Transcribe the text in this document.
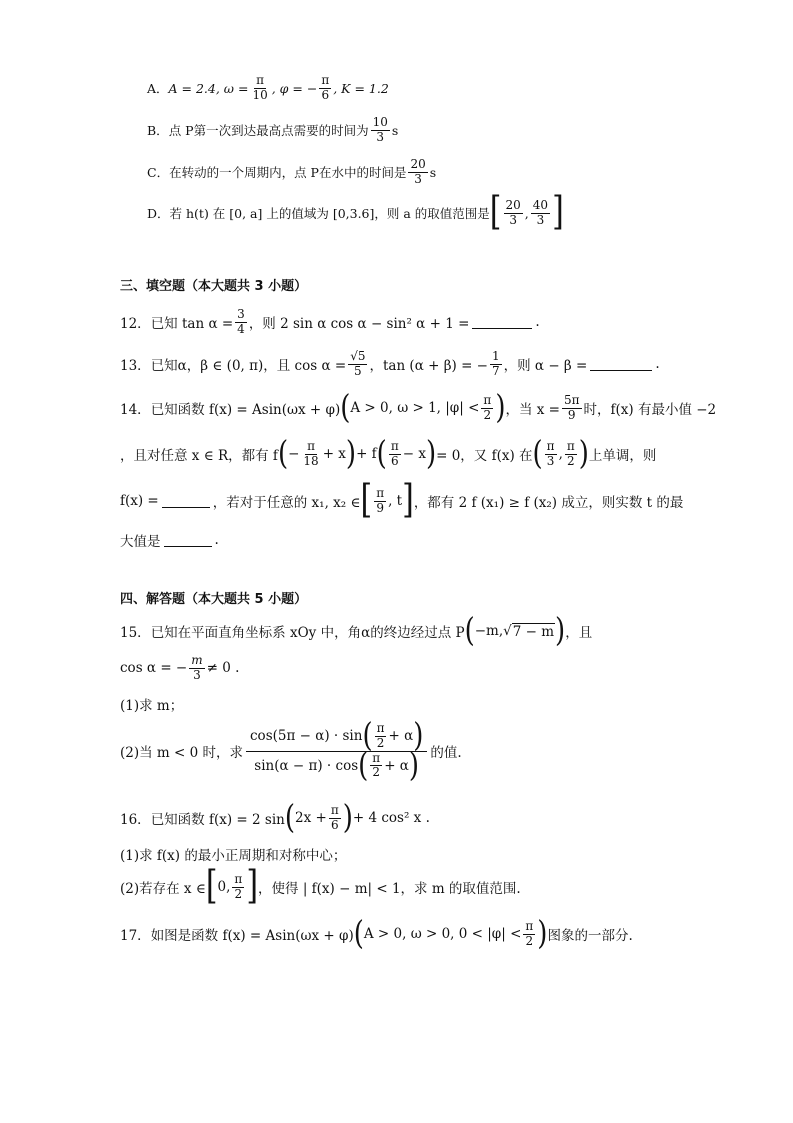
A． A = 2.4, $\omega = \frac{\pi}{10}$ , φ = − $\frac{\pi}{6}$ , K = 1.2
B． 点 P第一次到达最高点需要的时间为 $\frac{10}{3}$ s
C． 在转动的一个周期内，点 P在水中的时间是 $\frac{20}{3}$ s
D． 若 h(t) 在 [0, a] 上的值域为 [0,3.6]，则 a 的取值范围是 [ $\frac{20}{3}$ , $\frac{40}{3}$ ]
三、填空题（本大题共 3 小题）
12． 已知 $\tan \alpha = \frac{3}{4}$ ，则 2 sin α cos α − sin² α + 1 =	.
13． 已知α，β ∈ (0, π)，且 $\cos \alpha = \frac{√5}{5}$ ，tan (α + β) = − $\frac{1}{7}$ ，则 α − β =	.
14． 已知函数 f(x) = Asin(ωx + φ) ( A > 0, ω > 1, $|\varphi| < \frac{\pi}{2}$ ) ，当 $x = \frac{5\pi}{9}$ 时，f(x) 有最小值 −2
，且对任意 x ∈ R，都有 f ( − $\frac{\pi}{18} + x$ ) + f ( $\frac{\pi}{6} - x$ ) = 0，又 f(x) 在 ( $\frac{\pi}{3}$ , $\frac{\pi}{2}$ ) 上单调，则
f(x) =	，若对于任意的 x₁, x₂ ∈ [ $\frac{\pi}{9}$ , t ] ，都有 2 f (x₁) ≥ f (x₂) 成立，则实数 t 的最
大值是	.
四、解答题（本大题共 5 小题）
15． 已知在平面直角坐标系 xOy 中，角α的终边经过点 P ( −m, √ 7 − m ) ，且
cos α = − $\frac{m}{3} \ne 0$ .
(1)求 m；
(2)当 m < 0 时，求
cos(5π − α) · sin ( $\frac{\pi}{2} + \alpha$ )
sin(α − π) · cos ( $\frac{\pi}{2} + \alpha$ ) 的值.
16． 已知函数 f(x) = 2 sin ( $2x + \frac{\pi}{6}$ ) + 4 cos² x .
(1)求 f(x) 的最小正周期和对称中心；
(2)若存在 x ∈ [ 0, $\frac{\pi}{2}$ ] ，使得 | f(x) − m| < 1，求 m 的取值范围.
17． 如图是函数 f(x) = Asin(ωx + φ) ( A > 0, ω > 0, $0 < |\varphi| < \frac{\pi}{2}$ ) 图象的一部分.
